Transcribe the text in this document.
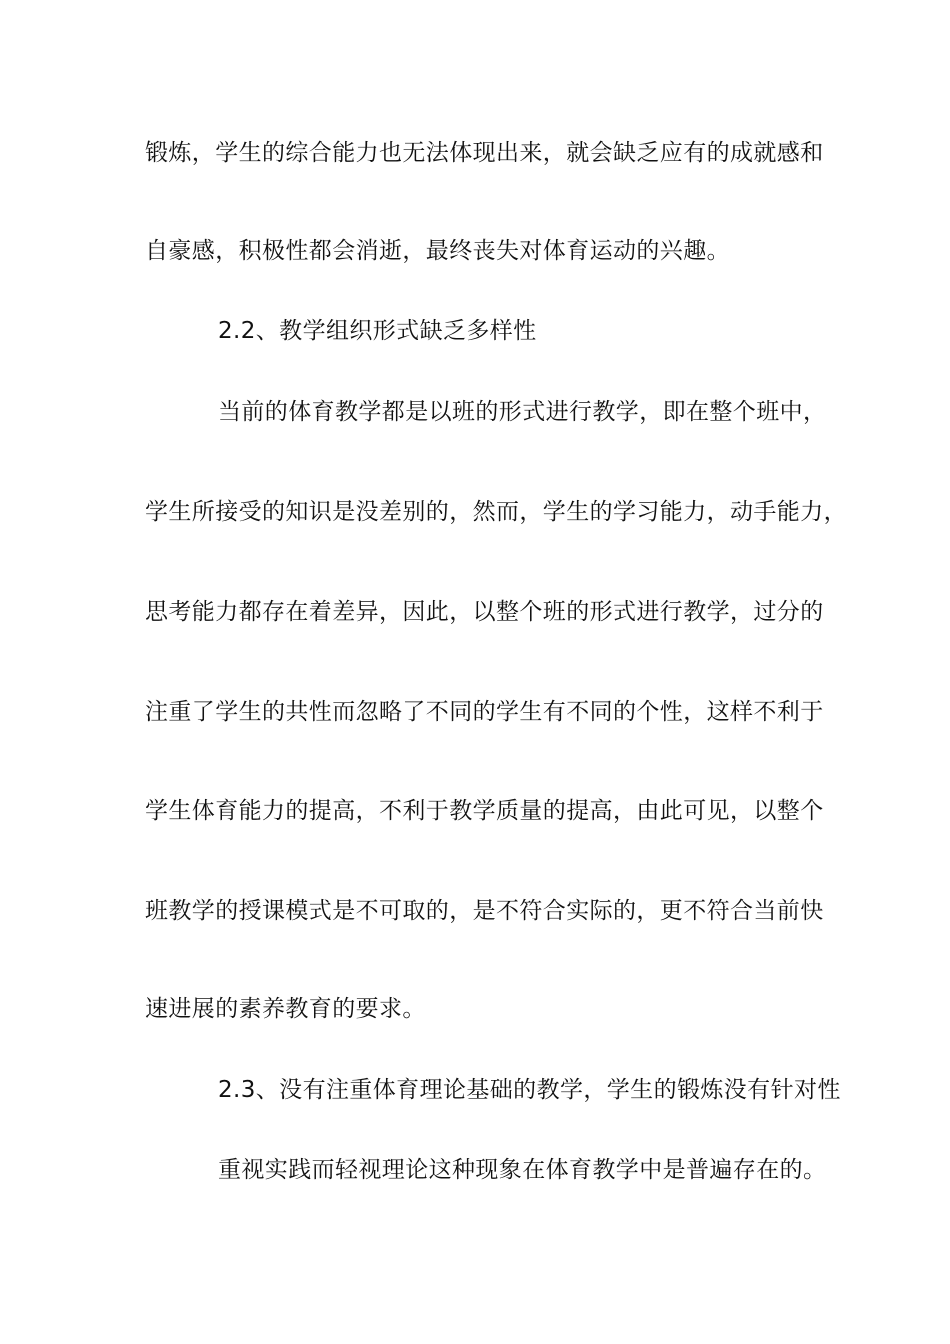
锻炼，学生的综合能力也无法体现出来，就会缺乏应有的成就感和

自豪感，积极性都会消逝，最终丧失对体育运动的兴趣。

2.2、教学组织形式缺乏多样性

当前的体育教学都是以班的形式进行教学，即在整个班中，

学生所接受的知识是没差别的，然而，学生的学习能力，动手能力，

思考能力都存在着差异，因此，以整个班的形式进行教学，过分的

注重了学生的共性而忽略了不同的学生有不同的个性，这样不利于

学生体育能力的提高，不利于教学质量的提高，由此可见，以整个

班教学的授课模式是不可取的，是不符合实际的，更不符合当前快

速进展的素养教育的要求。

2.3、没有注重体育理论基础的教学，学生的锻炼没有针对性

重视实践而轻视理论这种现象在体育教学中是普遍存在的。
